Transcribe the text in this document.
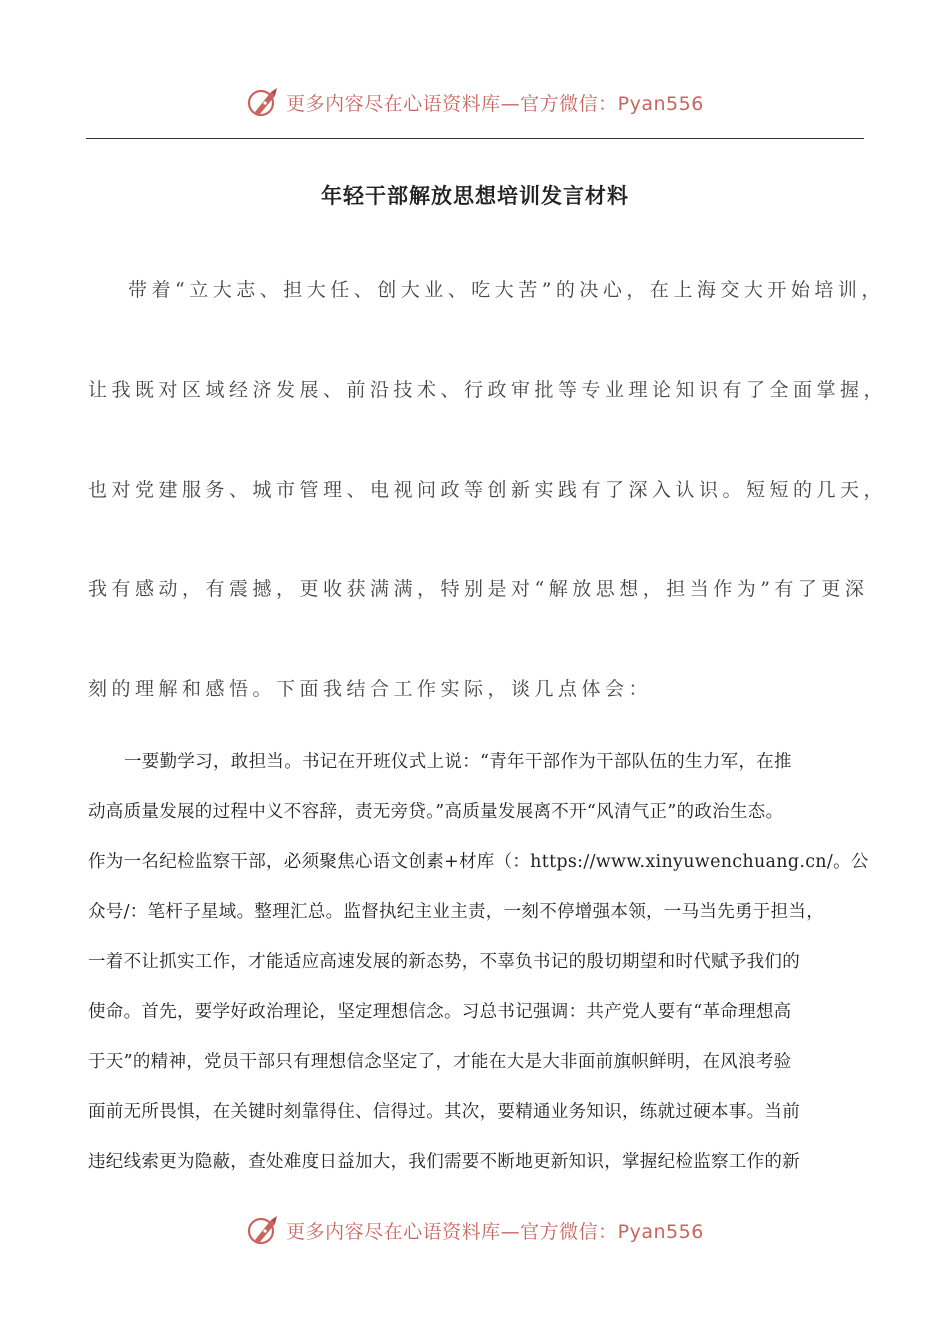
更多内容尽在心语资料库—官方微信：Pyan556
年轻干部解放思想培训发言材料
带着“立大志、担大任、创大业、吃大苦”的决心，在上海交大开始培训，
让我既对区域经济发展、前沿技术、行政审批等专业理论知识有了全面掌握，
也对党建服务、城市管理、电视问政等创新实践有了深入认识。短短的几天，
我有感动，有震撼，更收获满满，特别是对“解放思想，担当作为”有了更深
刻的理解和感悟。下面我结合工作实际，谈几点体会：
一要勤学习，敢担当。书记在开班仪式上说：“青年干部作为干部队伍的生力军，在推
动高质量发展的过程中义不容辞，责无旁贷。”高质量发展离不开“风清气正”的政治生态。
作为一名纪检监察干部，必须聚焦心语文创素+材库（：https://www.xinyuwenchuang.cn/。公
众号/：笔杆子星域。整理汇总。监督执纪主业主责，一刻不停增强本领，一马当先勇于担当，
一着不让抓实工作，才能适应高速发展的新态势，不辜负书记的殷切期望和时代赋予我们的
使命。首先，要学好政治理论，坚定理想信念。习总书记强调：共产党人要有“革命理想高
于天”的精神，党员干部只有理想信念坚定了，才能在大是大非面前旗帜鲜明，在风浪考验
面前无所畏惧，在关键时刻靠得住、信得过。其次，要精通业务知识，练就过硬本事。当前
违纪线索更为隐蔽，查处难度日益加大，我们需要不断地更新知识，掌握纪检监察工作的新
更多内容尽在心语资料库—官方微信：Pyan556
